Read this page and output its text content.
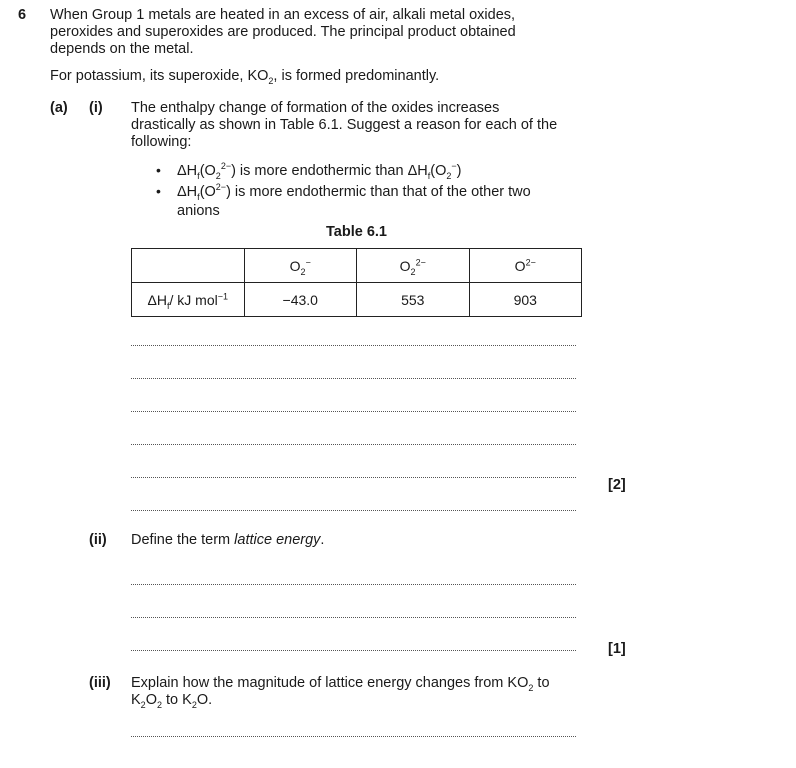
6 When Group 1 metals are heated in an excess of air, alkali metal oxides,
peroxides and superoxides are produced. The principal product obtained
depends on the metal.
For potassium, its superoxide, $KO_2$, is formed predominantly.
(a) (i) The enthalpy change of formation of the oxides increases
drastically as shown in Table 6.1. Suggest a reason for each of the
following:
• $\Delta H_f(O_2^{2-})$ is more endothermic than $\Delta H_f(O_2^-)$
• $\Delta H_f(O^{2-})$ is more endothermic than that of the other two
anions
Table 6.1
	$O_2^-$	$O_2^{2-}$	$O^{2-}$
$\Delta H_f/$ kJ mol$^{-1}$	−43.0	553	903
[2]
(ii) Define the term lattice energy.
[1]
(iii) Explain how the magnitude of lattice energy changes from $KO_2$ to
$K_2O_2$ to $K_2O$.
